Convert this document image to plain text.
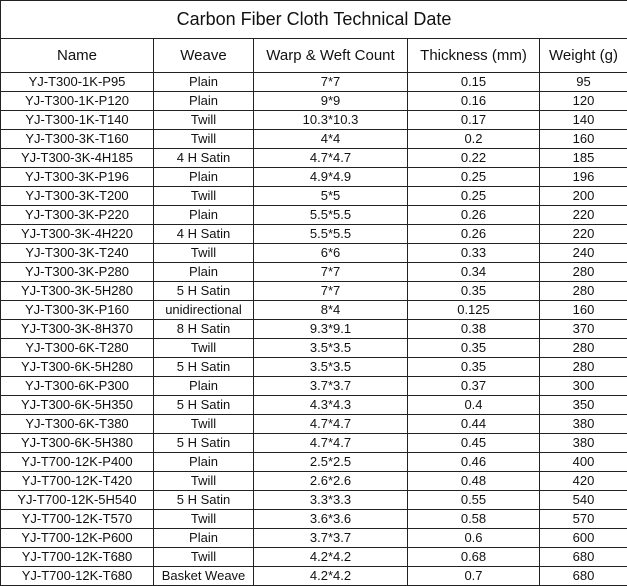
Carbon Fiber Cloth Technical Date				
Name	Weave	Warp & Weft Count	Thickness (mm)	Weight (g)
YJ-T300-1K-P95	Plain	7*7	0.15	95
YJ-T300-1K-P120	Plain	9*9	0.16	120
YJ-T300-1K-T140	Twill	10.3*10.3	0.17	140
YJ-T300-3K-T160	Twill	4*4	0.2	160
YJ-T300-3K-4H185	4 H Satin	4.7*4.7	0.22	185
YJ-T300-3K-P196	Plain	4.9*4.9	0.25	196
YJ-T300-3K-T200	Twill	5*5	0.25	200
YJ-T300-3K-P220	Plain	5.5*5.5	0.26	220
YJ-T300-3K-4H220	4 H Satin	5.5*5.5	0.26	220
YJ-T300-3K-T240	Twill	6*6	0.33	240
YJ-T300-3K-P280	Plain	7*7	0.34	280
YJ-T300-3K-5H280	5 H Satin	7*7	0.35	280
YJ-T300-3K-P160	unidirectional	8*4	0.125	160
YJ-T300-3K-8H370	8 H Satin	9.3*9.1	0.38	370
YJ-T300-6K-T280	Twill	3.5*3.5	0.35	280
YJ-T300-6K-5H280	5 H Satin	3.5*3.5	0.35	280
YJ-T300-6K-P300	Plain	3.7*3.7	0.37	300
YJ-T300-6K-5H350	5 H Satin	4.3*4.3	0.4	350
YJ-T300-6K-T380	Twill	4.7*4.7	0.44	380
YJ-T300-6K-5H380	5 H Satin	4.7*4.7	0.45	380
YJ-T700-12K-P400	Plain	2.5*2.5	0.46	400
YJ-T700-12K-T420	Twill	2.6*2.6	0.48	420
YJ-T700-12K-5H540	5 H Satin	3.3*3.3	0.55	540
YJ-T700-12K-T570	Twill	3.6*3.6	0.58	570
YJ-T700-12K-P600	Plain	3.7*3.7	0.6	600
YJ-T700-12K-T680	Twill	4.2*4.2	0.68	680
YJ-T700-12K-T680	Basket Weave	4.2*4.2	0.7	680
